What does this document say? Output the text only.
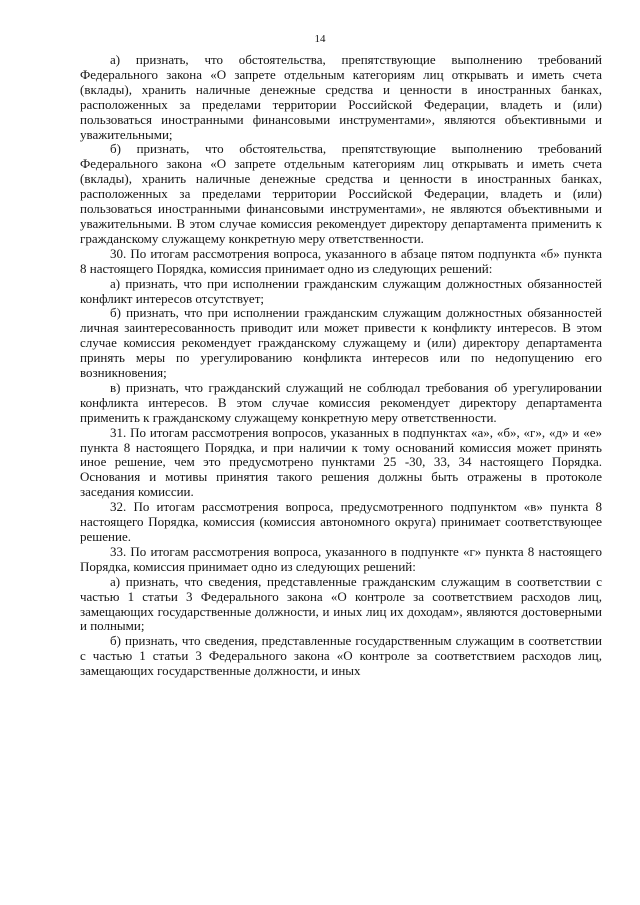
14

а) признать, что обстоятельства, препятствующие выполнению требований Федерального закона «О запрете отдельным категориям лиц открывать и иметь счета (вклады), хранить наличные денежные средства и ценности в иностранных банках, расположенных за пределами территории Российской Федерации, владеть и (или) пользоваться иностранными финансовыми инструментами», являются объективными и уважительными;

б) признать, что обстоятельства, препятствующие выполнению требований Федерального закона «О запрете отдельным категориям лиц открывать и иметь счета (вклады), хранить наличные денежные средства и ценности в иностранных банках, расположенных за пределами территории Российской Федерации, владеть и (или) пользоваться иностранными финансовыми инструментами», не являются объективными и уважительными. В этом случае комиссия рекомендует директору департамента применить к гражданскому служащему конкретную меру ответственности.

30. По итогам рассмотрения вопроса, указанного в абзаце пятом подпункта «б» пункта 8 настоящего Порядка, комиссия принимает одно из следующих решений:

а) признать, что при исполнении гражданским служащим должностных обязанностей конфликт интересов отсутствует;

б) признать, что при исполнении гражданским служащим должностных обязанностей личная заинтересованность приводит или может привести к конфликту интересов. В этом случае комиссия рекомендует гражданскому служащему и (или) директору департамента принять меры по урегулированию конфликта интересов или по недопущению его возникновения;

в) признать, что гражданский служащий не соблюдал требования об урегулировании конфликта интересов. В этом случае комиссия рекомендует директору департамента применить к гражданскому служащему конкретную меру ответственности.

31. По итогам рассмотрения вопросов, указанных в подпунктах «а», «б», «г», «д» и «е» пункта 8 настоящего Порядка, и при наличии к тому оснований комиссия может принять иное решение, чем это предусмотрено пунктами 25 -30, 33, 34 настоящего Порядка. Основания и мотивы принятия такого решения должны быть отражены в протоколе заседания комиссии.

32. По итогам рассмотрения вопроса, предусмотренного подпунктом «в» пункта 8 настоящего Порядка, комиссия (комиссия автономного округа) принимает соответствующее решение.

33. По итогам рассмотрения вопроса, указанного в подпункте «г» пункта 8 настоящего Порядка, комиссия принимает одно из следующих решений:

а) признать, что сведения, представленные гражданским служащим в соответствии с частью 1 статьи 3 Федерального закона «О контроле за соответствием расходов лиц, замещающих государственные должности, и иных лиц их доходам», являются достоверными и полными;

б) признать, что сведения, представленные государственным служащим в соответствии с частью 1 статьи 3 Федерального закона «О контроле за соответствием расходов лиц, замещающих государственные должности, и иных
